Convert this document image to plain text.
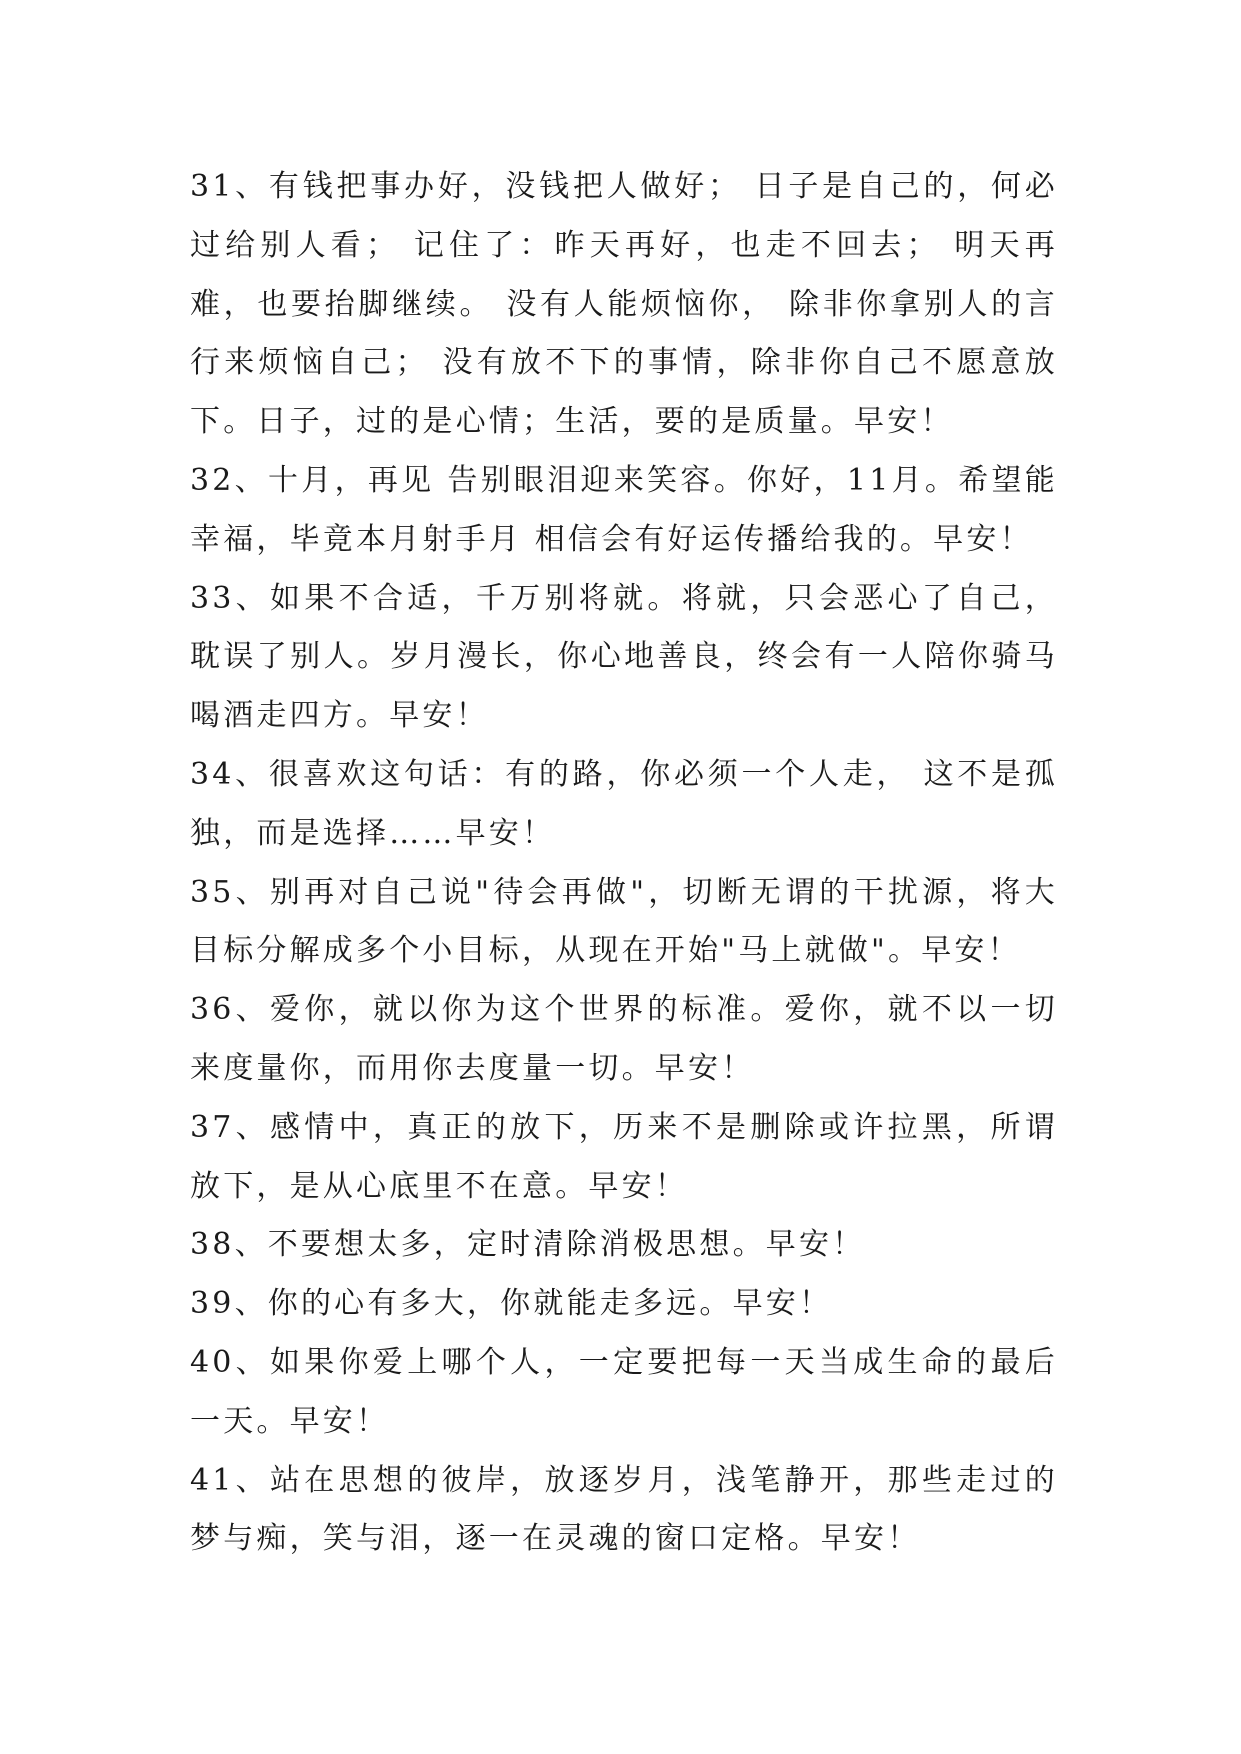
31、有钱把事办好，没钱把人做好； 日子是自己的，何必过给别人看； 记住了：昨天再好，也走不回去； 明天再难，也要抬脚继续。 没有人能烦恼你， 除非你拿别人的言行来烦恼自己； 没有放不下的事情，除非你自己不愿意放下。日子，过的是心情；生活，要的是质量。早安！
32、十月，再见 告别眼泪迎来笑容。你好，11月。希望能幸福，毕竟本月射手月 相信会有好运传播给我的。早安！
33、如果不合适，千万别将就。将就，只会恶心了自己，耽误了别人。岁月漫长，你心地善良，终会有一人陪你骑马喝酒走四方。早安！
34、很喜欢这句话：有的路，你必须一个人走， 这不是孤独，而是选择……早安！
35、别再对自己说"待会再做"，切断无谓的干扰源，将大目标分解成多个小目标，从现在开始"马上就做"。早安！
36、爱你，就以你为这个世界的标准。爱你，就不以一切来度量你，而用你去度量一切。早安！
37、感情中，真正的放下，历来不是删除或许拉黑，所谓放下，是从心底里不在意。早安！
38、不要想太多，定时清除消极思想。早安！
39、你的心有多大，你就能走多远。早安！
40、如果你爱上哪个人，一定要把每一天当成生命的最后一天。早安！
41、站在思想的彼岸，放逐岁月，浅笔静开，那些走过的梦与痴，笑与泪，逐一在灵魂的窗口定格。早安！
